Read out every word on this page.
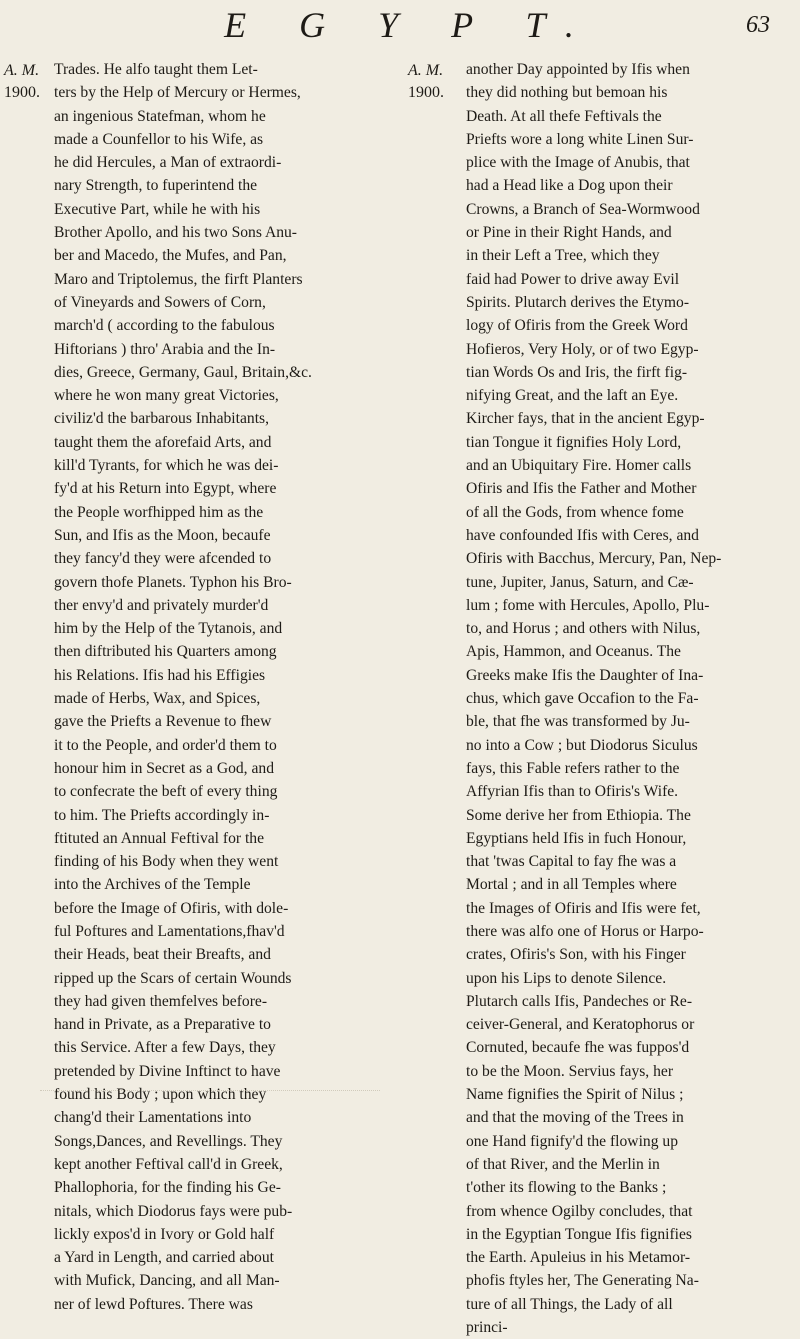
E G Y P T.	63
A. M.
1900.
A. M.
1900.
Trades. He alfo taught them Let-
ters by the Help of Mercury or Hermes,
an ingenious Statefman, whom he
made a Counfellor to his Wife, as
he did Hercules, a Man of extraordi-
nary Strength, to fuperintend the
Executive Part, while he with his
Brother Apollo, and his two Sons Anu-
ber and Macedo, the Mufes, and Pan,
Maro and Triptolemus, the firft Planters
of Vineyards and Sowers of Corn,
march'd ( according to the fabulous
Hiftorians ) thro' Arabia and the In-
dies, Greece, Germany, Gaul, Britain,&c.
where he won many great Victories,
civiliz'd the barbarous Inhabitants,
taught them the aforefaid Arts, and
kill'd Tyrants, for which he was dei-
fy'd at his Return into Egypt, where
the People worfhipped him as the
Sun, and Ifis as the Moon, becaufe
they fancy'd they were afcended to
govern thofe Planets. Typhon his Bro-
ther envy'd and privately murder'd
him by the Help of the Tytanois, and
then diftributed his Quarters among
his Relations. Ifis had his Effigies
made of Herbs, Wax, and Spices,
gave the Priefts a Revenue to fhew
it to the People, and order'd them to
honour him in Secret as a God, and
to confecrate the beft of every thing
to him. The Priefts accordingly in-
ftituted an Annual Feftival for the
finding of his Body when they went
into the Archives of the Temple
before the Image of Ofiris, with dole-
ful Poftures and Lamentations,fhav'd
their Heads, beat their Breafts, and
ripped up the Scars of certain Wounds
they had given themfelves before-
hand in Private, as a Preparative to
this Service. After a few Days, they
pretended by Divine Inftinct to have
found his Body ; upon which they
chang'd their Lamentations into
Songs,Dances, and Revellings. They
kept another Feftival call'd in Greek,
Phallophoria, for the finding his Ge-
nitals, which Diodorus fays were pub-
lickly expos'd in Ivory or Gold half
a Yard in Length, and carried about
with Mufick, Dancing, and all Man-
ner of lewd Poftures. There was
another Day appointed by Ifis when
they did nothing but bemoan his
Death. At all thefe Feftivals the
Priefts wore a long white Linen Sur-
plice with the Image of Anubis, that
had a Head like a Dog upon their
Crowns, a Branch of Sea-Wormwood
or Pine in their Right Hands, and
in their Left a Tree, which they
faid had Power to drive away Evil
Spirits. Plutarch derives the Etymo-
logy of Ofiris from the Greek Word
Hofieros, Very Holy, or of two Egyp-
tian Words Os and Iris, the firft fig-
nifying Great, and the laft an Eye.
Kircher fays, that in the ancient Egyp-
tian Tongue it fignifies Holy Lord,
and an Ubiquitary Fire. Homer calls
Ofiris and Ifis the Father and Mother
of all the Gods, from whence fome
have confounded Ifis with Ceres, and
Ofiris with Bacchus, Mercury, Pan, Nep-
tune, Jupiter, Janus, Saturn, and Cæ-
lum ; fome with Hercules, Apollo, Plu-
to, and Horus ; and others with Nilus,
Apis, Hammon, and Oceanus. The
Greeks make Ifis the Daughter of Ina-
chus, which gave Occafion to the Fa-
ble, that fhe was transformed by Ju-
no into a Cow ; but Diodorus Siculus
fays, this Fable refers rather to the
Affyrian Ifis than to Ofiris's Wife.
Some derive her from Ethiopia. The
Egyptians held Ifis in fuch Honour,
that 'twas Capital to fay fhe was a
Mortal ; and in all Temples where
the Images of Ofiris and Ifis were fet,
there was alfo one of Horus or Harpo-
crates, Ofiris's Son, with his Finger
upon his Lips to denote Silence.
Plutarch calls Ifis, Pandeches or Re-
ceiver-General, and Keratophorus or
Cornuted, becaufe fhe was fuppos'd
to be the Moon. Servius fays, her
Name fignifies the Spirit of Nilus ;
and that the moving of the Trees in
one Hand fignify'd the flowing up
of that River, and the Merlin in
t'other its flowing to the Banks ;
from whence Ogilby concludes, that
in the Egyptian Tongue Ifis fignifies
the Earth. Apuleius in his Metamor-
phofis ftyles her, The Generating Na-
ture of all Things, the Lady of all
princi-
